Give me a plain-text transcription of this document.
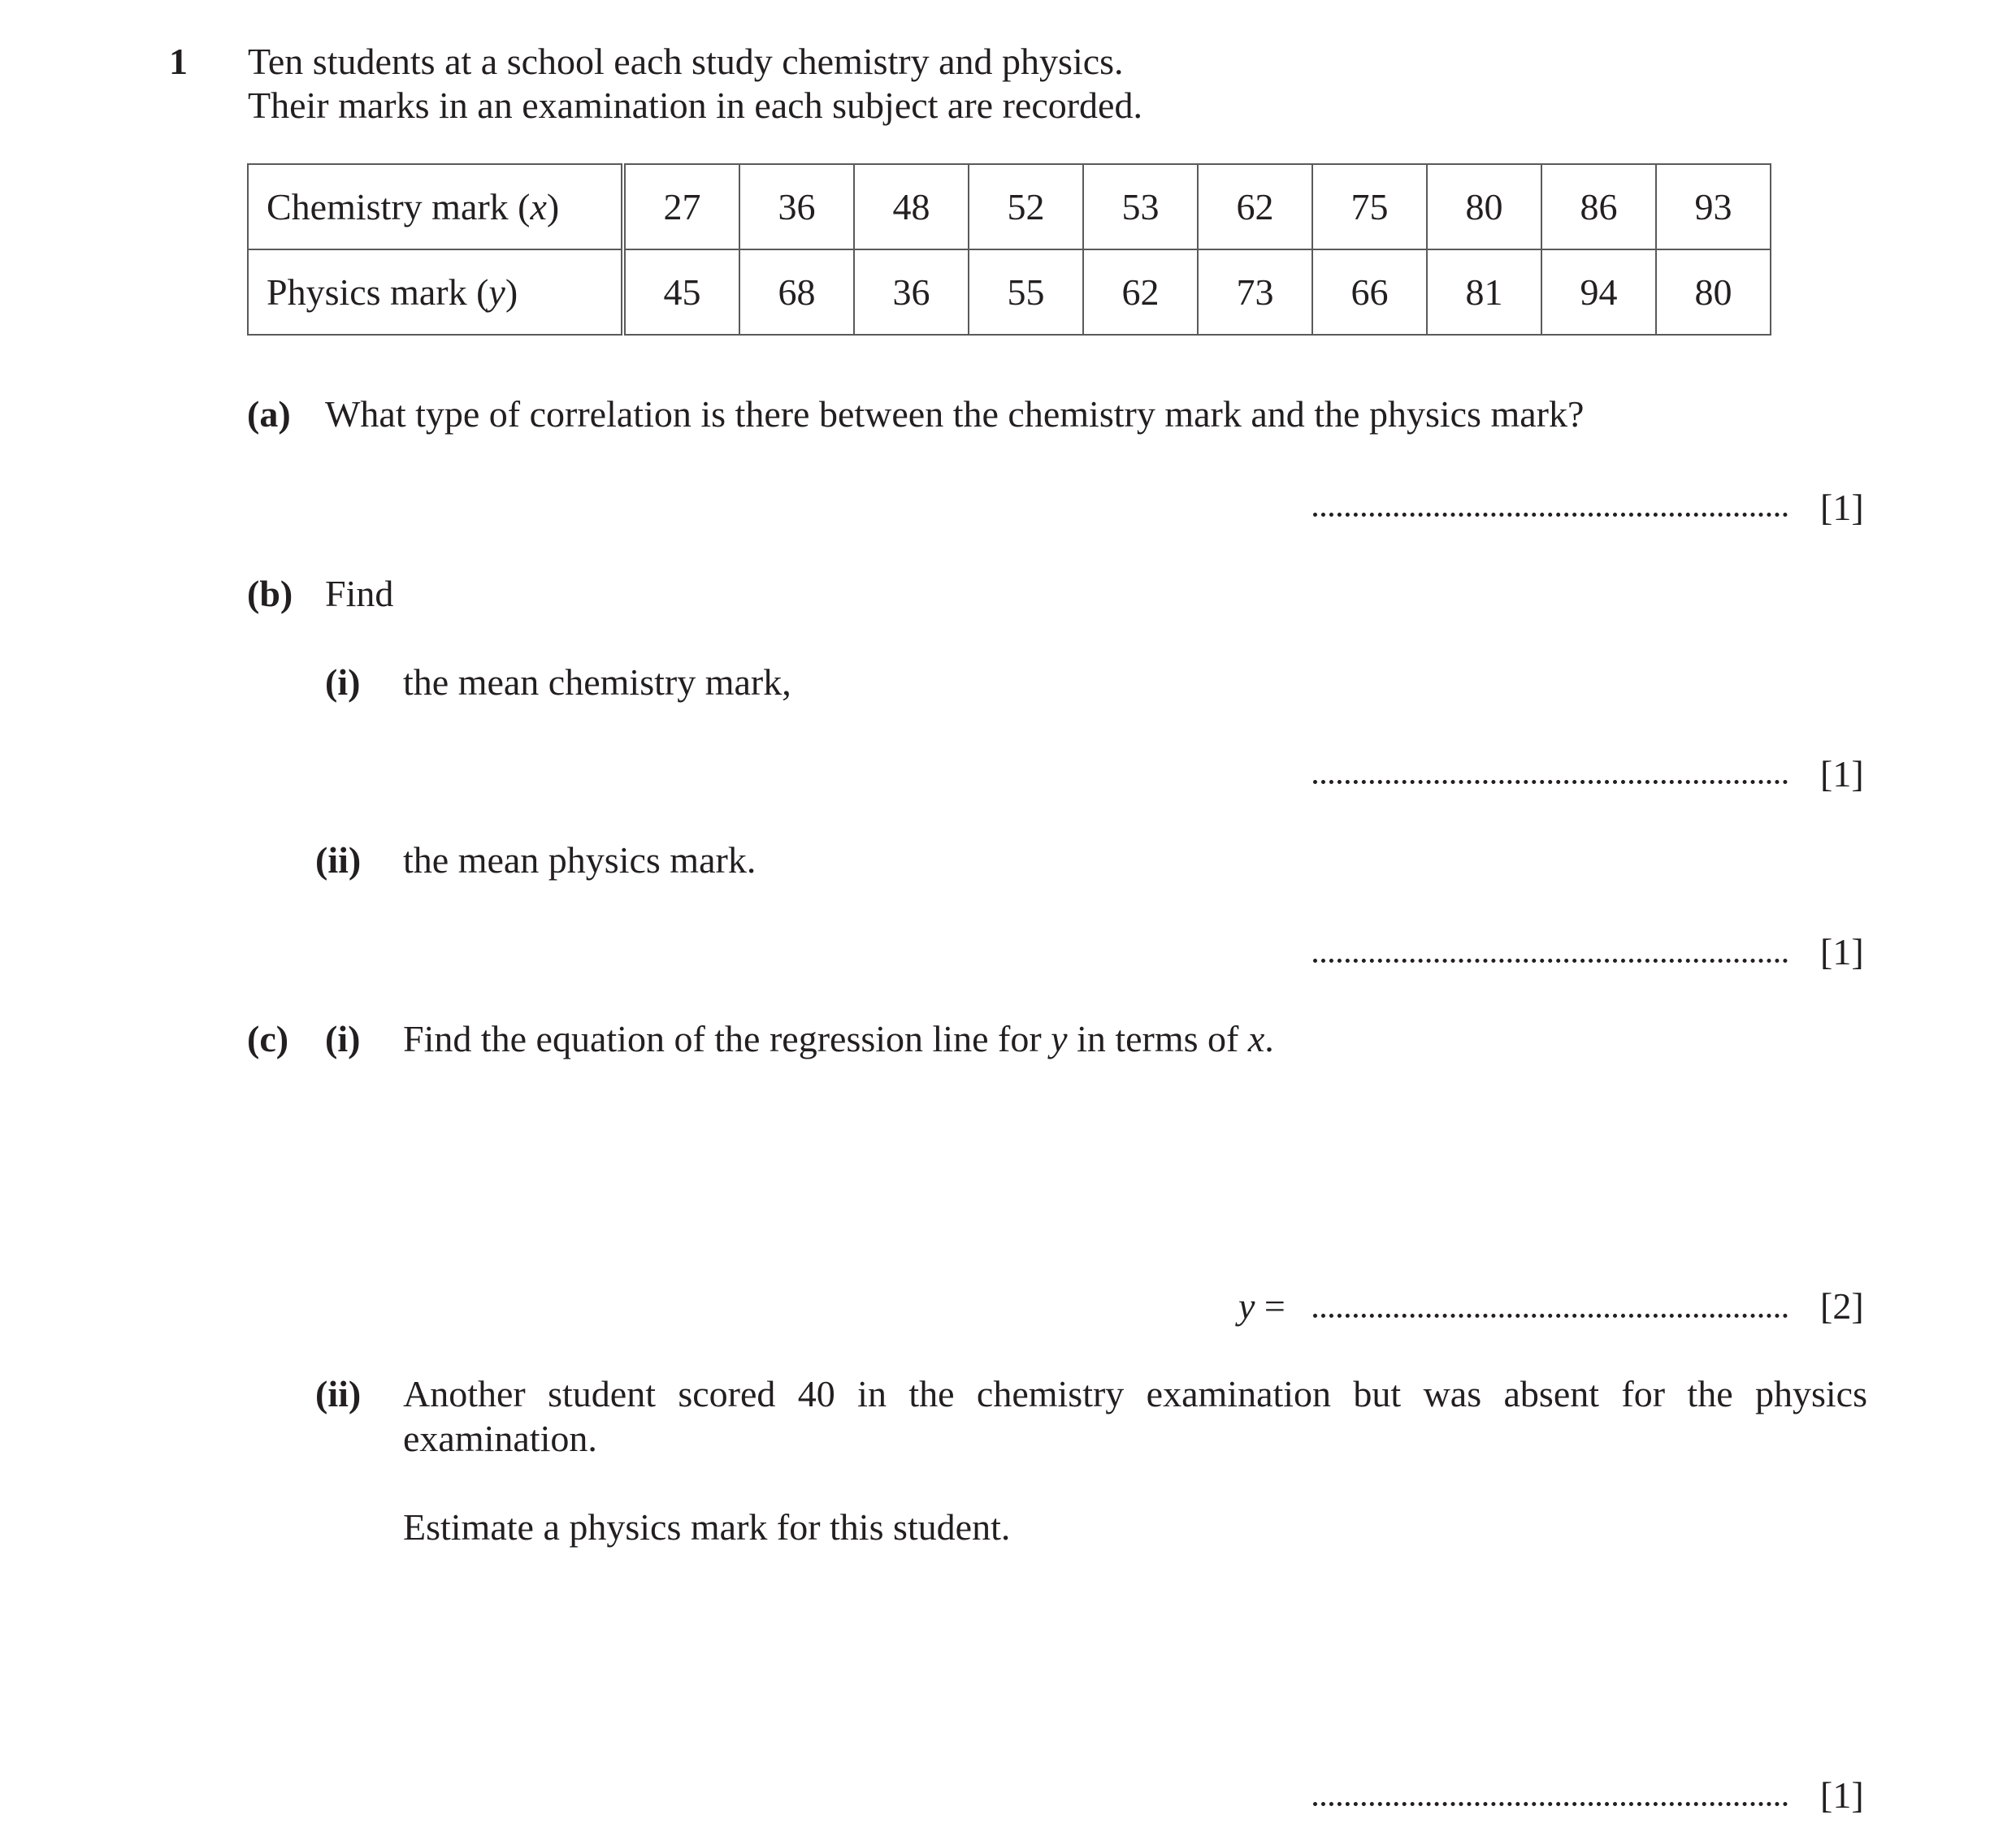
1 Ten students at a school each study chemistry and physics.
Their marks in an examination in each subject are recorded.
Chemistry mark (x)	27	36	48	52	53	62	75	80	86	93
Physics mark (y)	45	68	36	55	62	73	66	81	94	80
(a) What type of correlation is there between the chemistry mark and the physics mark?
[1]
(b) Find
(i) the mean chemistry mark,
[1]
(ii) the mean physics mark.
[1]
(c) (i) Find the equation of the regression line for y in terms of x.
y =	[2]
(ii) Another student scored 40 in the chemistry examination but was absent for the physics
examination.
Estimate a physics mark for this student.
[1]
